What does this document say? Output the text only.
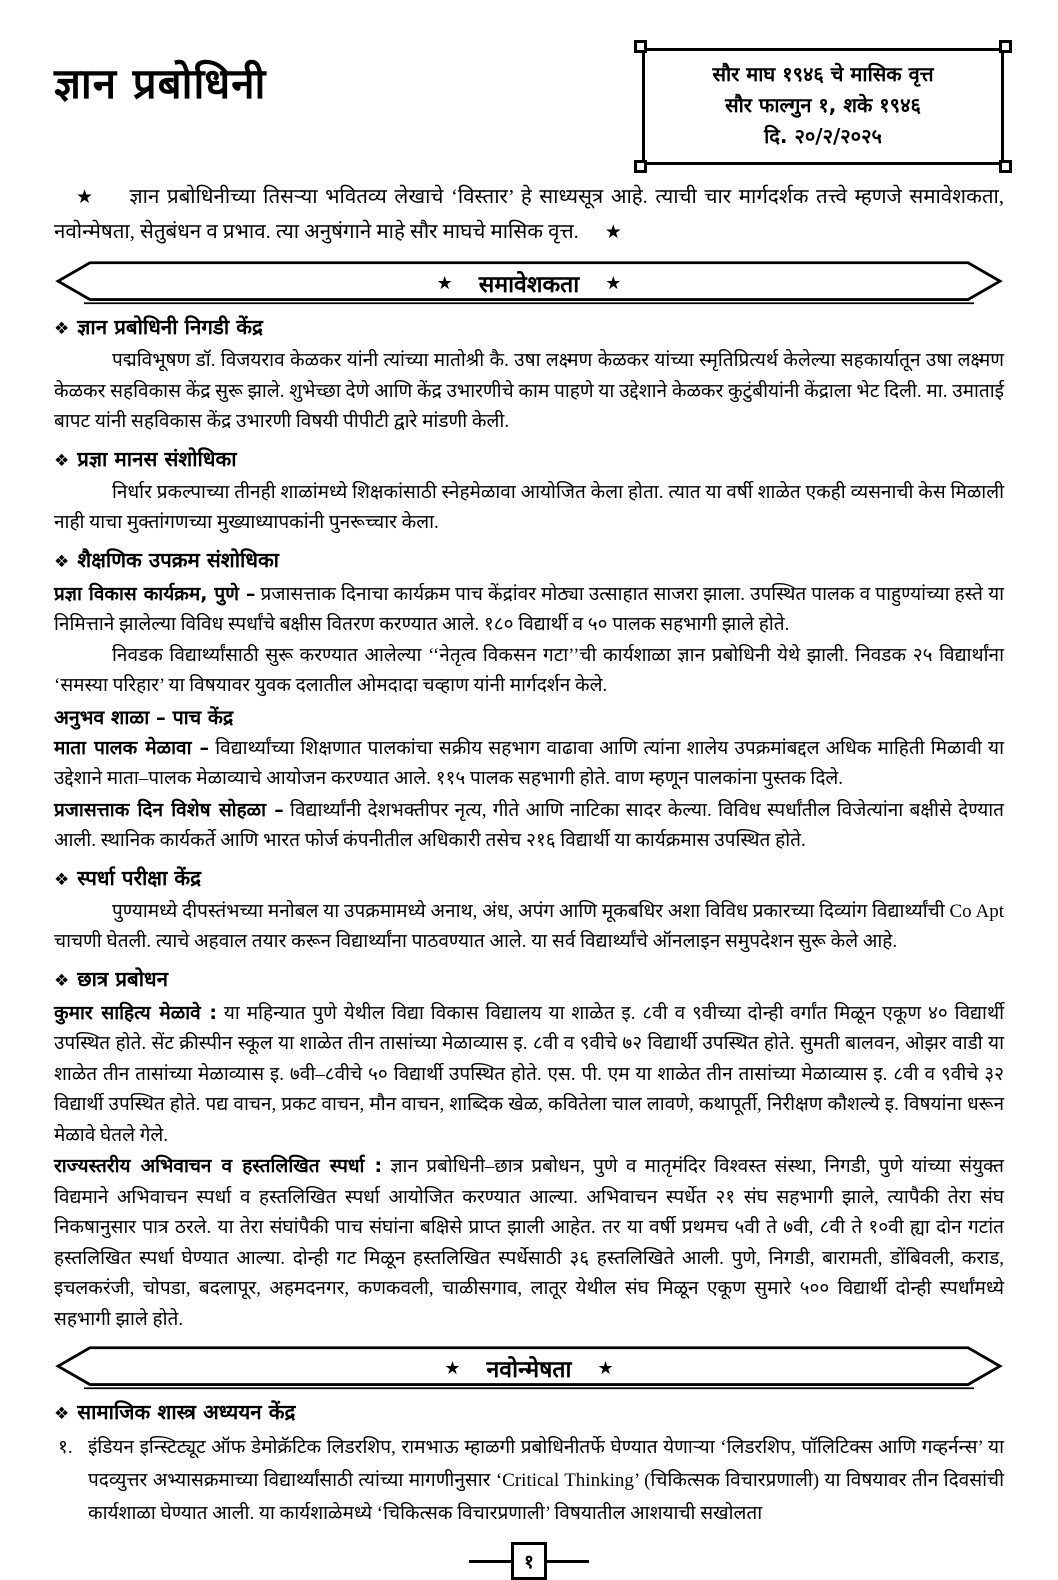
ज्ञान प्रबोधिनी	सौर माघ १९४६ चे मासिक वृत्त
सौर फाल्गुन १, शके १९४६
दि. २०/२/२०२५

★ ज्ञान प्रबोधिनीच्या तिसऱ्या भवितव्य लेखाचे ‘विस्तार’ हे साध्यसूत्र आहे. त्याची चार मार्गदर्शक तत्त्वे म्हणजे समावेशकता, नवोन्मेषता, सेतुबंधन व प्रभाव. त्या अनुषंगाने माहे सौर माघचे मासिक वृत्त. ★

★ समावेशकता ★
❖ ज्ञान प्रबोधिनी निगडी केंद्र

पद्मविभूषण डॉ. विजयराव केळकर यांनी त्यांच्या मातोश्री कै. उषा लक्ष्मण केळकर यांच्या स्मृतिप्रित्यर्थ केलेल्या सहकार्यातून उषा लक्ष्मण केळकर सहविकास केंद्र सुरू झाले. शुभेच्छा देणे आणि केंद्र उभारणीचे काम पाहणे या उद्देशाने केळकर कुटुंबीयांनी केंद्राला भेट दिली. मा. उमाताई बापट यांनी सहविकास केंद्र उभारणी विषयी पीपीटी द्वारे मांडणी केली.

❖ प्रज्ञा मानस संशोधिका

निर्धार प्रकल्पाच्या तीनही शाळांमध्ये शिक्षकांसाठी स्नेहमेळावा आयोजित केला होता. त्यात या वर्षी शाळेत एकही व्यसनाची केस मिळाली नाही याचा मुक्तांगणच्या मुख्याध्यापकांनी पुनरूच्चार केला.

❖ शैक्षणिक उपक्रम संशोधिका

प्रज्ञा विकास कार्यक्रम, पुणे – प्रजासत्ताक दिनाचा कार्यक्रम पाच केंद्रांवर मोठ्या उत्साहात साजरा झाला. उपस्थित पालक व पाहुण्यांच्या हस्ते या निमित्ताने झालेल्या विविध स्पर्धांचे बक्षीस वितरण करण्यात आले. १८० विद्यार्थी व ५० पालक सहभागी झाले होते.

निवडक विद्यार्थ्यांसाठी सुरू करण्यात आलेल्या ‘‘नेतृत्व विकसन गटा’’ची कार्यशाळा ज्ञान प्रबोधिनी येथे झाली. निवडक २५ विद्यार्थांना ‘समस्या परिहार’ या विषयावर युवक दलातील ओमदादा चव्हाण यांनी मार्गदर्शन केले.

अनुभव शाळा – पाच केंद्र

माता पालक मेळावा – विद्यार्थ्यांच्या शिक्षणात पालकांचा सक्रीय सहभाग वाढावा आणि त्यांना शालेय उपक्रमांबद्दल अधिक माहिती मिळावी या उद्देशाने माता–पालक मेळाव्याचे आयोजन करण्यात आले. ११५ पालक सहभागी होते. वाण म्हणून पालकांना पुस्तक दिले.

प्रजासत्ताक दिन विशेष सोहळा – विद्यार्थ्यांनी देशभक्तीपर नृत्य, गीते आणि नाटिका सादर केल्या. विविध स्पर्धांतील विजेत्यांना बक्षीसे देण्यात आली. स्थानिक कार्यकर्ते आणि भारत फोर्ज कंपनीतील अधिकारी तसेच २१६ विद्यार्थी या कार्यक्रमास उपस्थित होते.

❖ स्पर्धा परीक्षा केंद्र

पुण्यामध्ये दीपस्तंभच्या मनोबल या उपक्रमामध्ये अनाथ, अंध, अपंग आणि मूकबधिर अशा विविध प्रकारच्या दिव्यांग विद्यार्थ्यांची Co Apt चाचणी घेतली. त्याचे अहवाल तयार करून विद्यार्थ्यांना पाठवण्यात आले. या सर्व विद्यार्थ्यांचे ऑनलाइन समुपदेशन सुरू केले आहे.

❖ छात्र प्रबोधन

कुमार साहित्य मेळावे : या महिन्यात पुणे येथील विद्या विकास विद्यालय या शाळेत इ. ८वी व ९वीच्या दोन्ही वर्गांत मिळून एकूण ४० विद्यार्थी उपस्थित होते. सेंट क्रीस्पीन स्कूल या शाळेत तीन तासांच्या मेळाव्यास इ. ८वी व ९वीचे ७२ विद्यार्थी उपस्थित होते. सुमती बालवन, ओझर वाडी या शाळेत तीन तासांच्या मेळाव्यास इ. ७वी–८वीचे ५० विद्यार्थी उपस्थित होते. एस. पी. एम या शाळेत तीन तासांच्या मेळाव्यास इ. ८वी व ९वीचे ३२ विद्यार्थी उपस्थित होते. पद्य वाचन, प्रकट वाचन, मौन वाचन, शाब्दिक खेळ, कवितेला चाल लावणे, कथापूर्ती, निरीक्षण कौशल्ये इ. विषयांना धरून मेळावे घेतले गेले.

राज्यस्तरीय अभिवाचन व हस्तलिखित स्पर्धा : ज्ञान प्रबोधिनी–छात्र प्रबोधन, पुणे व मातृमंदिर विश्वस्त संस्था, निगडी, पुणे यांच्या संयुक्त विद्यमाने अभिवाचन स्पर्धा व हस्तलिखित स्पर्धा आयोजित करण्यात आल्या. अभिवाचन स्पर्धेत २१ संघ सहभागी झाले, त्यापैकी तेरा संघ निकषानुसार पात्र ठरले. या तेरा संघांपैकी पाच संघांना बक्षिसे प्राप्त झाली आहेत. तर या वर्षी प्रथमच ५वी ते ७वी, ८वी ते १०वी ह्या दोन गटांत हस्तलिखित स्पर्धा घेण्यात आल्या. दोन्ही गट मिळून हस्तलिखित स्पर्धेसाठी ३६ हस्तलिखिते आली. पुणे, निगडी, बारामती, डोंबिवली, कराड, इचलकरंजी, चोपडा, बदलापूर, अहमदनगर, कणकवली, चाळीसगाव, लातूर येथील संघ मिळून एकूण सुमारे ५०० विद्यार्थी दोन्ही स्पर्धांमध्ये सहभागी झाले होते.

★ नवोन्मेषता ★
❖ सामाजिक शास्त्र अध्ययन केंद्र
१. इंडियन इन्स्टिट्यूट ऑफ डेमोक्रॅटिक लिडरशिप, रामभाऊ म्हाळगी प्रबोधिनीतर्फे घेण्यात येणाऱ्या ‘लिडरशिप, पॉलिटिक्स आणि गव्हर्नन्स’ या पदव्युत्तर अभ्यासक्रमाच्या विद्यार्थ्यांसाठी त्यांच्या मागणीनुसार ‘Critical Thinking’ (चिकित्सक विचारप्रणाली) या विषयावर तीन दिवसांची कार्यशाळा घेण्यात आली. या कार्यशाळेमध्ये ‘चिकित्सक विचारप्रणाली’ विषयातील आशयाची सखोलता
१
